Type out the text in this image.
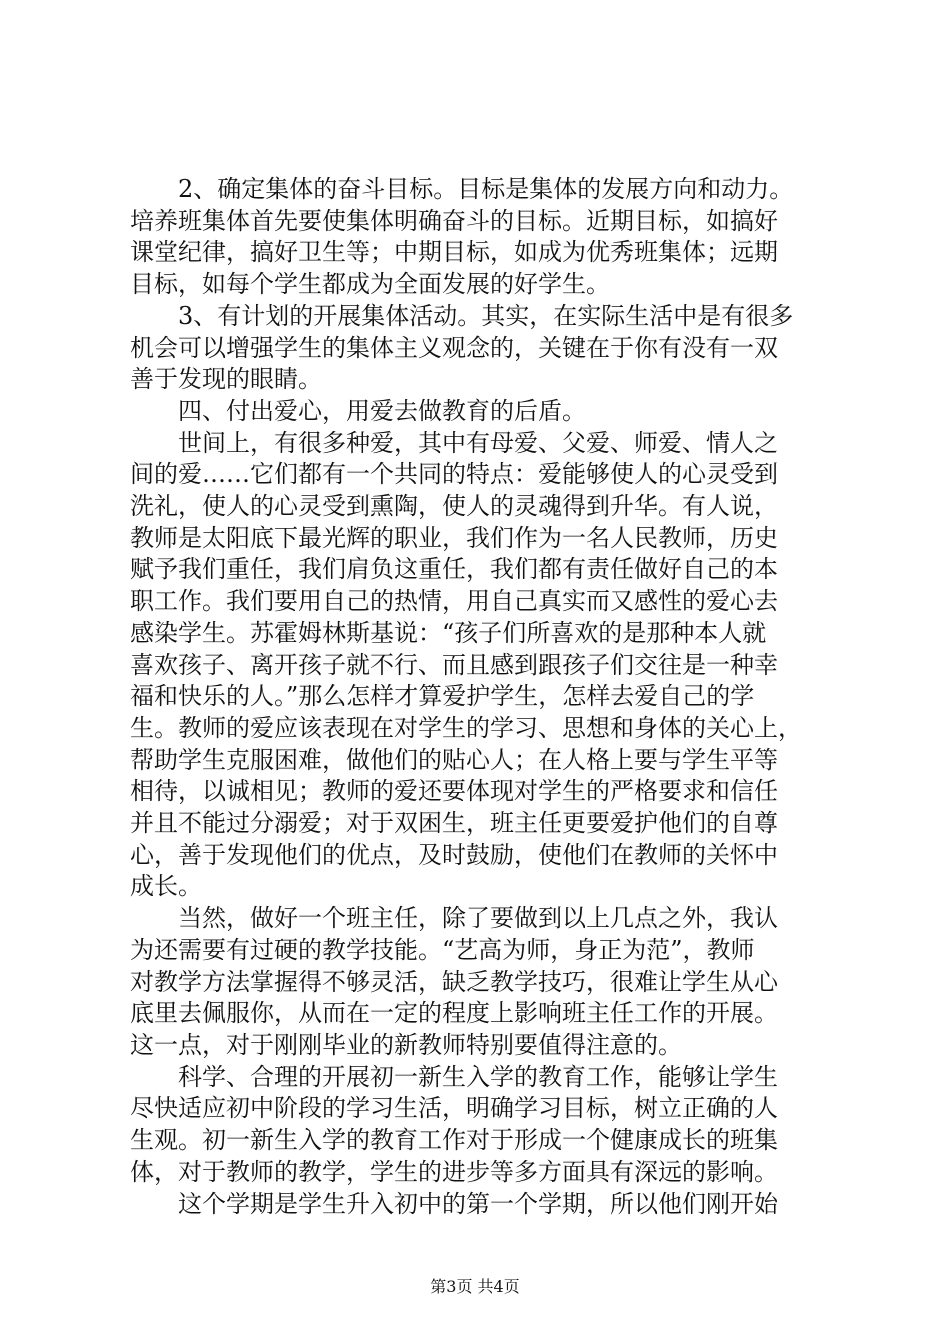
2、确定集体的奋斗目标。目标是集体的发展方向和动力。
培养班集体首先要使集体明确奋斗的目标。近期目标，如搞好
课堂纪律，搞好卫生等；中期目标，如成为优秀班集体；远期
目标，如每个学生都成为全面发展的好学生。
3、有计划的开展集体活动。其实，在实际生活中是有很多
机会可以增强学生的集体主义观念的，关键在于你有没有一双
善于发现的眼睛。
四、付出爱心，用爱去做教育的后盾。
世间上，有很多种爱，其中有母爱、父爱、师爱、情人之
间的爱……它们都有一个共同的特点：爱能够使人的心灵受到
洗礼，使人的心灵受到熏陶，使人的灵魂得到升华。有人说，
教师是太阳底下最光辉的职业，我们作为一名人民教师，历史
赋予我们重任，我们肩负这重任，我们都有责任做好自己的本
职工作。我们要用自己的热情，用自己真实而又感性的爱心去
感染学生。苏霍姆林斯基说：“孩子们所喜欢的是那种本人就
喜欢孩子、离开孩子就不行、而且感到跟孩子们交往是一种幸
福和快乐的人。”那么怎样才算爱护学生，怎样去爱自己的学
生。教师的爱应该表现在对学生的学习、思想和身体的关心上，
帮助学生克服困难，做他们的贴心人；在人格上要与学生平等
相待，以诚相见；教师的爱还要体现对学生的严格要求和信任
并且不能过分溺爱；对于双困生，班主任更要爱护他们的自尊
心，善于发现他们的优点，及时鼓励，使他们在教师的关怀中
成长。
当然，做好一个班主任，除了要做到以上几点之外，我认
为还需要有过硬的教学技能。“艺高为师，身正为范”，教师
对教学方法掌握得不够灵活，缺乏教学技巧，很难让学生从心
底里去佩服你，从而在一定的程度上影响班主任工作的开展。
这一点，对于刚刚毕业的新教师特别要值得注意的。
科学、合理的开展初一新生入学的教育工作，能够让学生
尽快适应初中阶段的学习生活，明确学习目标，树立正确的人
生观。初一新生入学的教育工作对于形成一个健康成长的班集
体，对于教师的教学，学生的进步等多方面具有深远的影响。
这个学期是学生升入初中的第一个学期，所以他们刚开始
第3页 共4页
